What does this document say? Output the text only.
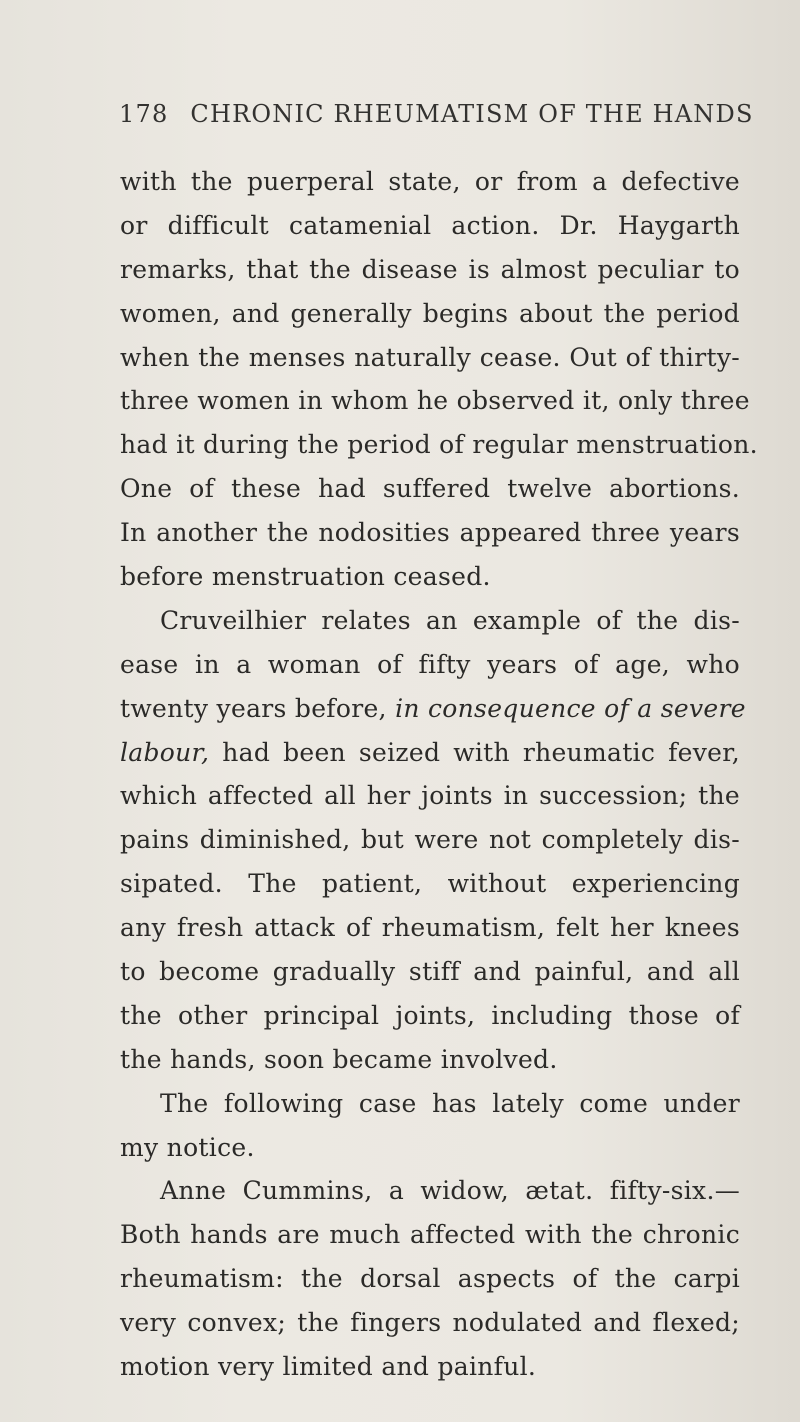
178 CHRONIC RHEUMATISM OF THE HANDS
with the puerperal state, or from a defective
or difficult catamenial action. Dr. Haygarth
remarks, that the disease is almost peculiar to
women, and generally begins about the period
when the menses naturally cease. Out of thirty-
three women in whom he observed it, only three
had it during the period of regular menstruation.
One of these had suffered twelve abortions.
In another the nodosities appeared three years
before menstruation ceased.
Cruveilhier relates an example of the dis-
ease in a woman of fifty years of age, who
twenty years before, in consequence of a severe
labour, had been seized with rheumatic fever,
which affected all her joints in succession; the
pains diminished, but were not completely dis-
sipated. The patient, without experiencing
any fresh attack of rheumatism, felt her knees
to become gradually stiff and painful, and all
the other principal joints, including those of
the hands, soon became involved.
The following case has lately come under
my notice.
Anne Cummins, a widow, ætat. fifty-six.—
Both hands are much affected with the chronic
rheumatism: the dorsal aspects of the carpi
very convex; the fingers nodulated and flexed;
motion very limited and painful.
